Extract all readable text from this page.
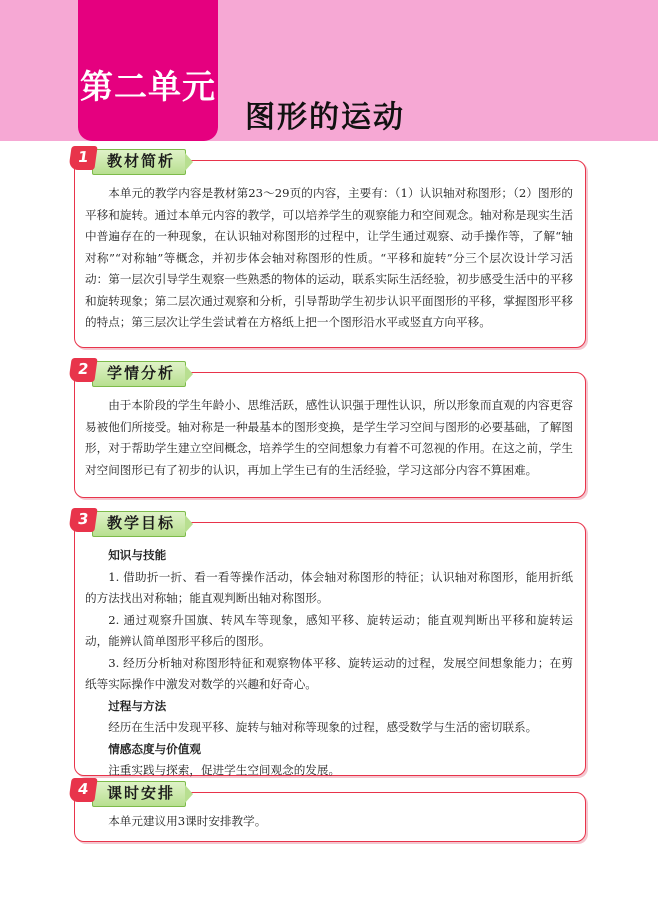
第二单元
图形的运动

本单元的教学内容是教材第23～29页的内容，主要有：（1）认识轴对称图形；（2）图形的平移和旋转。通过本单元内容的教学，可以培养学生的观察能力和空间观念。轴对称是现实生活中普遍存在的一种现象，在认识轴对称图形的过程中，让学生通过观察、动手操作等，了解“轴对称”“对称轴”等概念，并初步体会轴对称图形的性质。“平移和旋转”分三个层次设计学习活动：第一层次引导学生观察一些熟悉的物体的运动，联系实际生活经验，初步感受生活中的平移和旋转现象；第二层次通过观察和分析，引导帮助学生初步认识平面图形的平移，掌握图形平移的特点；第三层次让学生尝试着在方格纸上把一个图形沿水平或竖直方向平移。

教材简析
1

由于本阶段的学生年龄小、思维活跃，感性认识强于理性认识，所以形象而直观的内容更容易被他们所接受。轴对称是一种最基本的图形变换，是学生学习空间与图形的必要基础，了解图形，对于帮助学生建立空间概念，培养学生的空间想象力有着不可忽视的作用。在这之前，学生对空间图形已有了初步的认识，再加上学生已有的生活经验，学习这部分内容不算困难。

学情分析
2

知识与技能

1. 借助折一折、看一看等操作活动，体会轴对称图形的特征；认识轴对称图形，能用折纸的方法找出对称轴；能直观判断出轴对称图形。

2. 通过观察升国旗、转风车等现象，感知平移、旋转运动；能直观判断出平移和旋转运动，能辨认简单图形平移后的图形。

3. 经历分析轴对称图形特征和观察物体平移、旋转运动的过程，发展空间想象能力；在剪纸等实际操作中激发对数学的兴趣和好奇心。

过程与方法

经历在生活中发现平移、旋转与轴对称等现象的过程，感受数学与生活的密切联系。

情感态度与价值观

注重实践与探索，促进学生空间观念的发展。

教学目标
3

本单元建议用3课时安排教学。

课时安排
4
